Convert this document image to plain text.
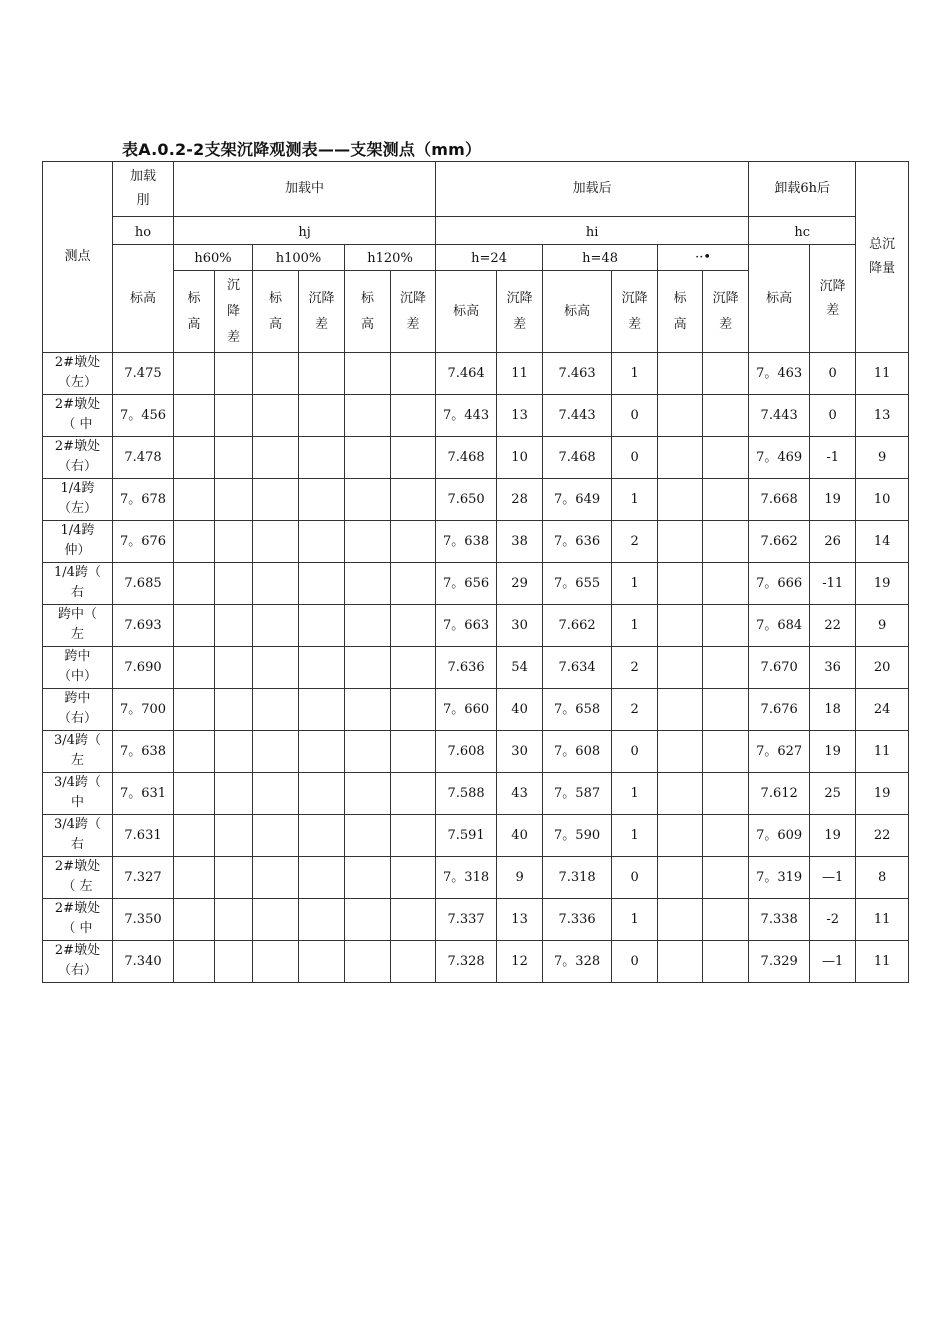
表A.0.2-2支架沉降观测表——支架测点（mm）
测点	加载刖	加载中						加载后						卸载6h后		总沉降量
	ho	hj						hi						hc		
	标高	h60%		h100%		h120%		h=24		h=48		··•		标高	沉降差	
		标高	沉降差	标高	沉降差	标高	沉降差	标高	沉降差	标高	沉降差	标高	沉降差			
2#墩处（左）	7.475							7.464	11	7.463	1			7。463	0	11
2#墩处（ 中	7。456							7。443	13	7.443	0			7.443	0	13
2#墩处（右）	7.478							7.468	10	7.468	0			7。469	-1	9
1/4跨（左）	7。678							7.650	28	7。649	1			7.668	19	10
1/4跨仲）	7。676							7。638	38	7。636	2			7.662	26	14
1/4跨（ 右	7.685							7。656	29	7。655	1			7。666	-11	19
跨中（ 左	7.693							7。663	30	7.662	1			7。684	22	9
跨中（中）	7.690							7.636	54	7.634	2			7.670	36	20
跨中（右）	7。700							7。660	40	7。658	2			7.676	18	24
3/4跨（ 左	7。638							7.608	30	7。608	0			7。627	19	11
3/4跨（ 中	7。631							7.588	43	7。587	1			7.612	25	19
3/4跨（ 右	7.631							7.591	40	7。590	1			7。609	19	22
2#墩处（ 左	7.327							7。318	9	7.318	0			7。319	—1	8
2#墩处（ 中	7.350							7.337	13	7.336	1			7.338	-2	11
2#墩处（右）	7.340							7.328	12	7。328	0			7.329	—1	11
